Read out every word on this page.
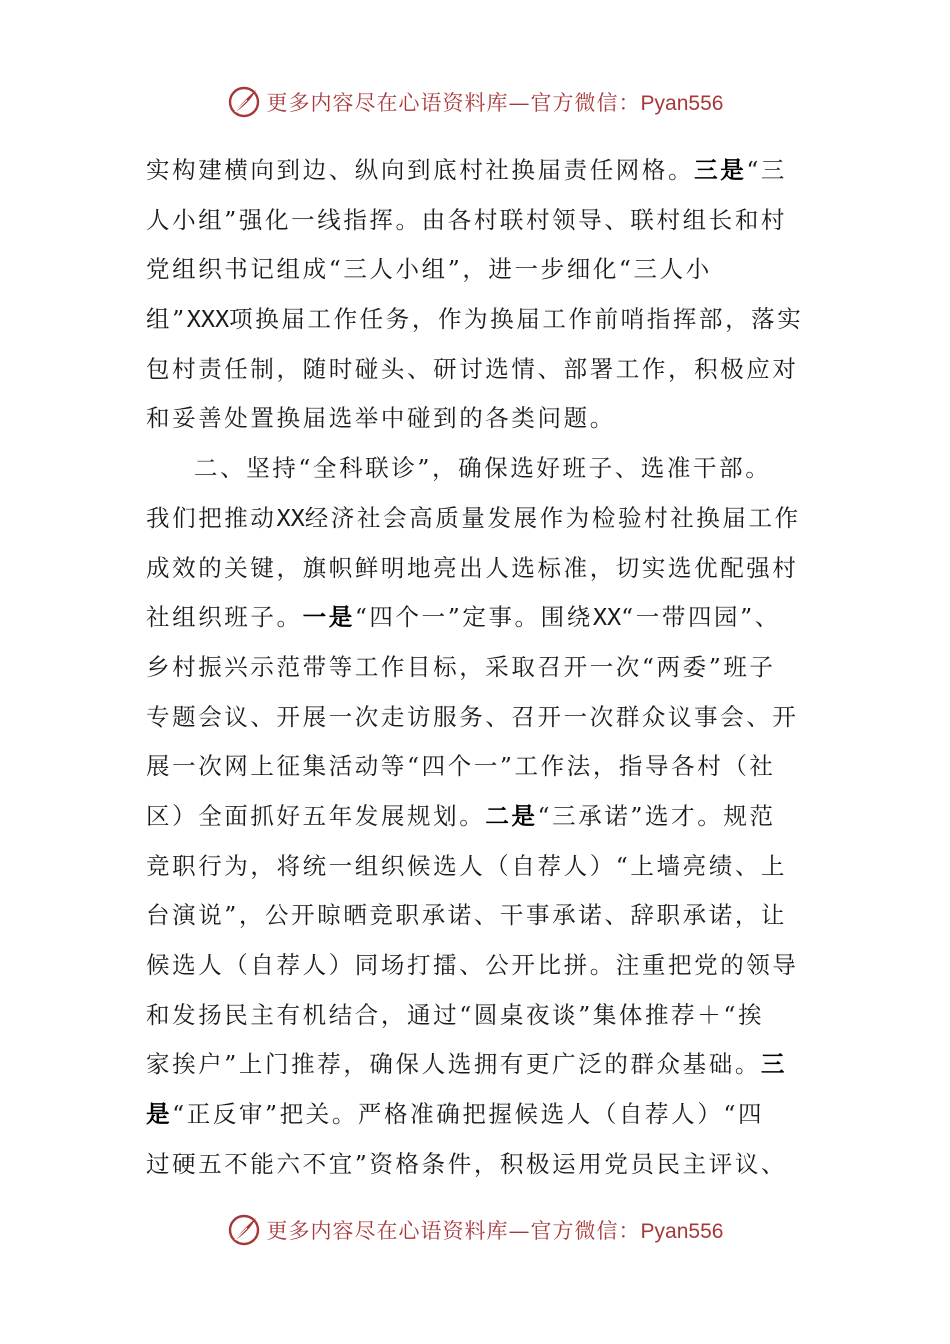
更多内容尽在心语资料库—官方微信：Pyan556
实构建横向到边、纵向到底村社换届责任网格。三是“三
人小组”强化一线指挥。由各村联村领导、联村组长和村
党组织书记组成“三人小组”，进一步细化“三人小
组”XXX项换届工作任务，作为换届工作前哨指挥部，落实
包村责任制，随时碰头、研讨选情、部署工作，积极应对
和妥善处置换届选举中碰到的各类问题。
二、坚持“全科联诊”，确保选好班子、选准干部。
我们把推动XX经济社会高质量发展作为检验村社换届工作
成效的关键，旗帜鲜明地亮出人选标准，切实选优配强村
社组织班子。一是“四个一”定事。围绕XX“一带四园”、
乡村振兴示范带等工作目标，采取召开一次“两委”班子
专题会议、开展一次走访服务、召开一次群众议事会、开
展一次网上征集活动等“四个一”工作法，指导各村（社
区）全面抓好五年发展规划。二是“三承诺”选才。规范
竞职行为，将统一组织候选人（自荐人）“上墙亮绩、上
台演说”，公开晾晒竞职承诺、干事承诺、辞职承诺，让
候选人（自荐人）同场打擂、公开比拼。注重把党的领导
和发扬民主有机结合，通过“圆桌夜谈”集体推荐＋“挨
家挨户”上门推荐，确保人选拥有更广泛的群众基础。三
是“正反审”把关。严格准确把握候选人（自荐人）“四
过硬五不能六不宜”资格条件，积极运用党员民主评议、
更多内容尽在心语资料库—官方微信：Pyan556
